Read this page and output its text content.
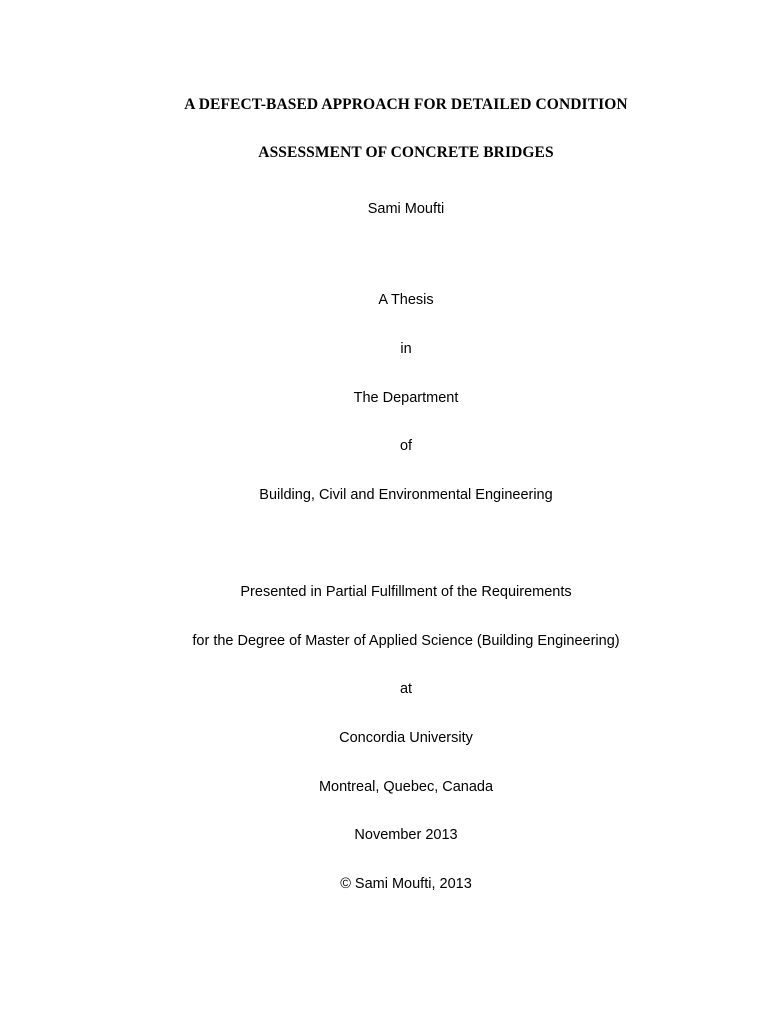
A DEFECT-BASED APPROACH FOR DETAILED CONDITION
ASSESSMENT OF CONCRETE BRIDGES
Sami Moufti
A Thesis
in
The Department
of
Building, Civil and Environmental Engineering
Presented in Partial Fulfillment of the Requirements
for the Degree of Master of Applied Science (Building Engineering)
at
Concordia University
Montreal, Quebec, Canada
November 2013
© Sami Moufti, 2013
